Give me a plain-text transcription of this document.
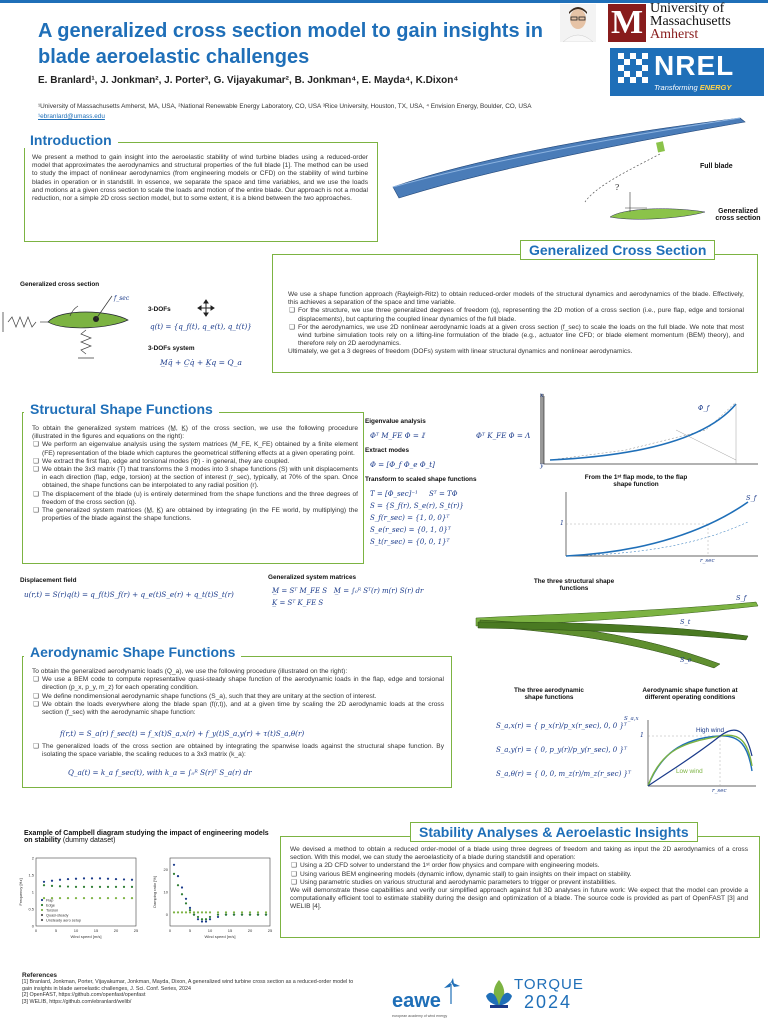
A generalized cross section model to gain insights in blade aeroelastic challenges
M University of
Massachusetts
Amherst
NREL
Transforming ENERGY
E. Branlard¹, J. Jonkman², J. Porter³, G. Vijayakumar², B. Jonkman⁴, E. Mayda⁴, K.Dixon⁴
¹University of Massachusetts Amherst, MA, USA, ²National Renewable Energy Laboratory, CO, USA ³Rice University, Houston, TX, USA, ⁴ Envision Energy, Boulder, CO, USA
¹ebranlard@umass.edu
Introduction
We present a method to gain insight into the aeroelastic stability of wind turbine blades using a reduced-order model that approximates the aerodynamics and structural properties of the full blade [1]. The method can be used to study the impact of nonlinear aerodynamics (from engineering models or CFD) on the stability of wind turbine blades in operation or in standstill. In essence, we separate the space and time variables, and we use the loads and motions at a given cross section to scale the loads and motion of the entire blade. Our approach is not a modal reduction, nor a simple 2D cross section model, but to some extent, it is a blend between the two approaches.
?
Full blade
Generalized cross section
Generalized cross section
f_sec
3-DOFs
q(t) = {q_f(t), q_e(t), q_t(t)}
3-DOFs system
M̲q̈ + C̲q̇ + K̲q = Q_a
Generalized Cross Section
We use a shape function approach (Rayleigh-Ritz) to obtain reduced-order models of the structural dynamics and aerodynamics of the blade. Effectively, this achieves a separation of the space and time variable.
❑ For the structure, we use three generalized degrees of freedom (q), representing the 2D motion of a cross section (i.e., pure flap, edge and torsional displacements), but capturing the coupled linear dynamics of the full blade.
❑ For the aerodynamics, we use 2D nonlinear aerodynamic loads at a given cross section (f_sec) to scale the loads on the full blade. We note that most wind turbine simulation tools rely on a lifting-line formulation of the blade (e.g., actuator line CFD; or blade element momentum (BEM) theory), and therefore rely on 2D aerodynamics.
Ultimately, we get a 3 degrees of freedom (DOFs) system with linear structural dynamics and nonlinear aerodynamics.
Structural Shape Functions
To obtain the generalized system matrices (M̲, K̲) of the cross section, we use the following procedure (illustrated in the figures and equations on the right):
❑ We perform an eigenvalue analysis using the system matrices (M_FE, K_FE) obtained by a finite element (FE) representation of the blade which captures the geometrical stiffening effects at a given operating point.
❑ We extract the first flap, edge and torsional modes (Φ) - in general, they are coupled.
❑ We obtain the 3x3 matrix (T) that transforms the 3 modes into 3 shape functions (S) with unit displacements in each direction (flap, edge, torsion) at the section of interest (r_sec), typically, at 70% of the span. Once obtained, the shape functions can be interpolated to any radial position (r).
❑ The displacement of the blade (u) is entirely determined from the shape functions and the three degrees of freedom of the cross section (q).
❑ The generalized system matrices (M̲, K̲) are obtained by integrating (in the FE world, by multiplying) the properties of the blade against the shape functions.
Eigenvalue analysis
Φᵀ M_FE Φ = 𝕀	Φᵀ K_FE Φ = Λ
Extract modes
Φ = [Φ_f Φ_e Φ_t]
Transform to scaled shape functions
T = [Φ_sec]⁻¹ Sᵀ = TΦ
S = {S_f(r), S_e(r), S_t(r)}
S_f(r_sec) = {1, 0, 0}ᵀ
S_e(r_sec) = {0, 1, 0}ᵀ
S_t(r_sec) = {0, 0, 1}ᵀ
Φ_f
x
y
From the 1ˢᵗ flap mode, to the flap shape function
S_f
1
r_sec
Displacement field
u(r,t) = S(r)q(t) = q_f(t)S_f(r) + q_e(t)S_e(r) + q_t(t)S_t(r)
Generalized system matrices
M̲ = Sᵀ M_FE S M̲ = ∫₀ᴿ Sᵀ(r) m(r) S(r) dr
K̲ = Sᵀ K_FE S
The three structural shape functions
S_f
S_t
S_e
Aerodynamic Shape Functions
To obtain the generalized aerodynamic loads (Q_a), we use the following procedure (illustrated on the right):
❑ We use a BEM code to compute representative quasi-steady shape function of the aerodynamic loads in the flap, edge and torsional direction (p_x, p_y, m_z) for each operating condition.
❑ We define nondimensional aerodynamic shape functions (S_a), such that they are unitary at the section of interest.
❑ We obtain the loads everywhere along the blade span (f(r,t)), and at a given time by scaling the 2D aerodynamic loads at the cross section (f_sec) with the aerodynamic shape function:
f(r,t) = S_a(r) f_sec(t) = f_x(t)S_a,x(r) + f_y(t)S_a,y(r) + τ(t)S_a,θ(r)
❑ The generalized loads of the cross section are obtained by integrating the spanwise loads against the structural shape function. By isolating the space variable, the scaling reduces to a 3x3 matrix (k_a):
Q_a(t) = k_a f_sec(t), with k_a = ∫₀ᴿ S(r)ᵀ S_a(r) dr
The three aerodynamic shape functions
S_a,x(r) = { p_x(r)/p_x(r_sec), 0, 0 }ᵀ
S_a,y(r) = { 0, p_y(r)/p_y(r_sec), 0 }ᵀ
S_a,θ(r) = { 0, 0, m_z(r)/m_z(r_sec) }ᵀ
Aerodynamic shape function at different operating conditions
S_a,x
1
High wind
Low wind
r_sec
Stability Analyses & Aeroelastic Insights
We devised a method to obtain a reduced order-model of a blade using three degrees of freedom and taking as input the 2D aerodynamics of a cross section. With this model, we can study the aeroelasticity of a blade during standstill and operation:
❑ Using a 2D CFD solver to understand the 1ˢᵗ order flow physics and compare with engineering models.
❑ Using various BEM engineering models (dynamic inflow, dynamic stall) to gain insights on their impact on stability.
❑ Using parametric studies on various structural and aerodynamic parameters to trigger or prevent instabilities.
We will demonstrate these capabilities and verify our simplified approach against full 3D analyses in future work: We expect that the model can provide a computationally efficient tool to estimate stability during the design and optimization of a blade. The source code is provided as part of OpenFAST [3] and WELIB [4].
Example of Campbell diagram studying the impact of engineering models on stability (dummy dataset)
0	5	10	15	20	25
0
0.5
1
1.5
2
Wind speed [m/s]
Frequency [Hz]
0	5	10	15	20	25
0
10
20
Wind speed [m/s]
Damping ratio [%]
Flap
Edge
Torsion
Quasi-steady
Unsteady aero setup
References
[1] Branlard, Jonkman, Porter, Vijayakumar, Jonkman, Mayda, Dixon, A generalized wind turbine cross section as a reduced-order model to gain insights in blade aeroelastic challenges, J. Sci. Conf. Series, 2024
[2] OpenFAST, https://github.com/openfast/openfast
[3] WELIB, https://github.com/ebranlard/welib/	eawe
european academy of wind energy
TORQUE
2024
